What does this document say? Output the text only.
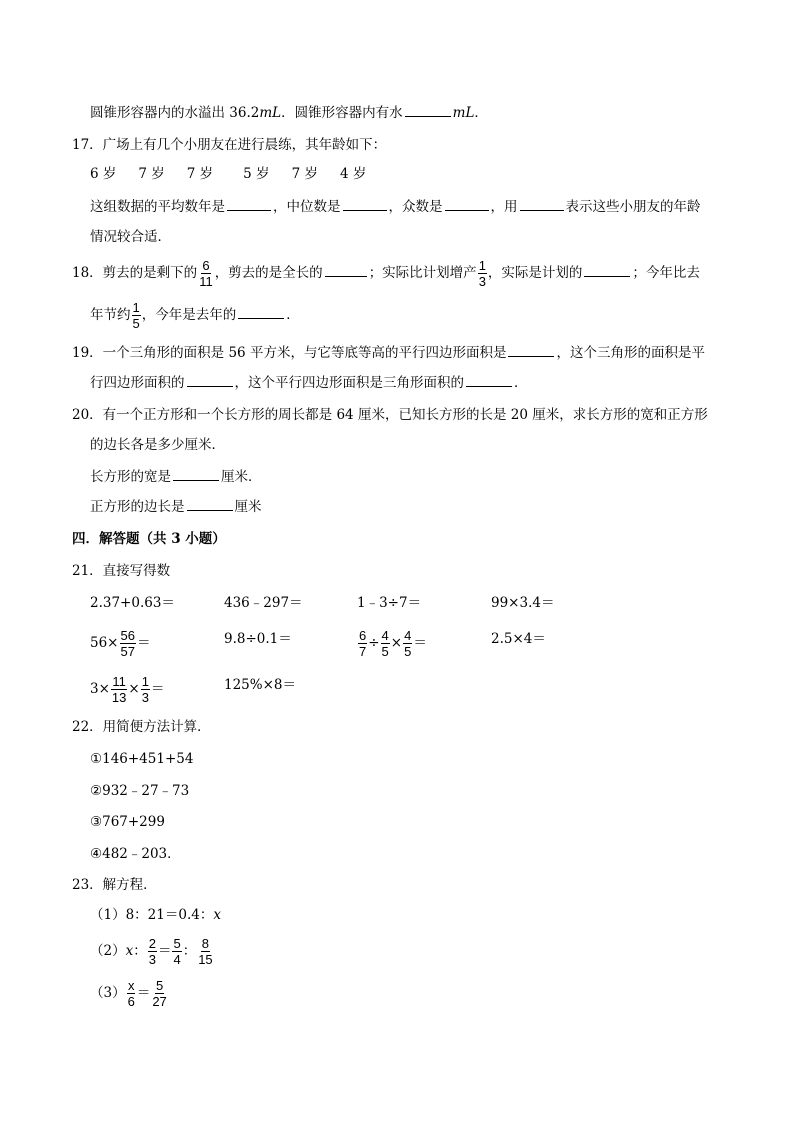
圆锥形容器内的水溢出 36.2mL．圆锥形容器内有水	mL．
17．广场上有几个小朋友在进行晨练，其年龄如下：
6 岁 7 岁 7 岁 5 岁 7 岁 4 岁
这组数据的平均数年是	，中位数是	，众数是	，用	表示这些小朋友的年龄
情况较合适．
18．剪去的是剩下的 $\frac{6}{11}$ ，剪去的是全长的	；实际比计划增产 $\frac{1}{3}$ ，实际是计划的	；今年比去
年节约 $\frac{1}{5}$ ，今年是去年的	．
19．一个三角形的面积是 56 平方米，与它等底等高的平行四边形面积是	，这个三角形的面积是平
行四边形面积的	，这个平行四边形面积是三角形面积的	．
20．有一个正方形和一个长方形的周长都是 64 厘米，已知长方形的长是 20 厘米，求长方形的宽和正方形
的边长各是多少厘米．
长方形的宽是	厘米．
正方形的边长是	厘米
四．解答题（共 3 小题）
21．直接写得数
2.37+0.63＝	436﹣297＝	1﹣3÷7＝	99×3.4＝
$56\times \frac{56}{57}$ ＝	9.8÷0.1＝	$\frac{6}{7} \div \frac{4}{5} \times \frac{4}{5}$ ＝	2.5×4＝
$3\times \frac{11}{13} \times \frac{1}{3}$ ＝	125%×8＝
22．用简便方法计算．
①146+451+54
②932﹣27﹣73
③767+299
④482﹣203．
23．解方程．
（1）8：21＝0.4：x
（2）x： $\frac{2}{3} = \frac{5}{4}$ ： $\frac{8}{15}$
$(3) \frac{x}{6} = \frac{5}{27}$
